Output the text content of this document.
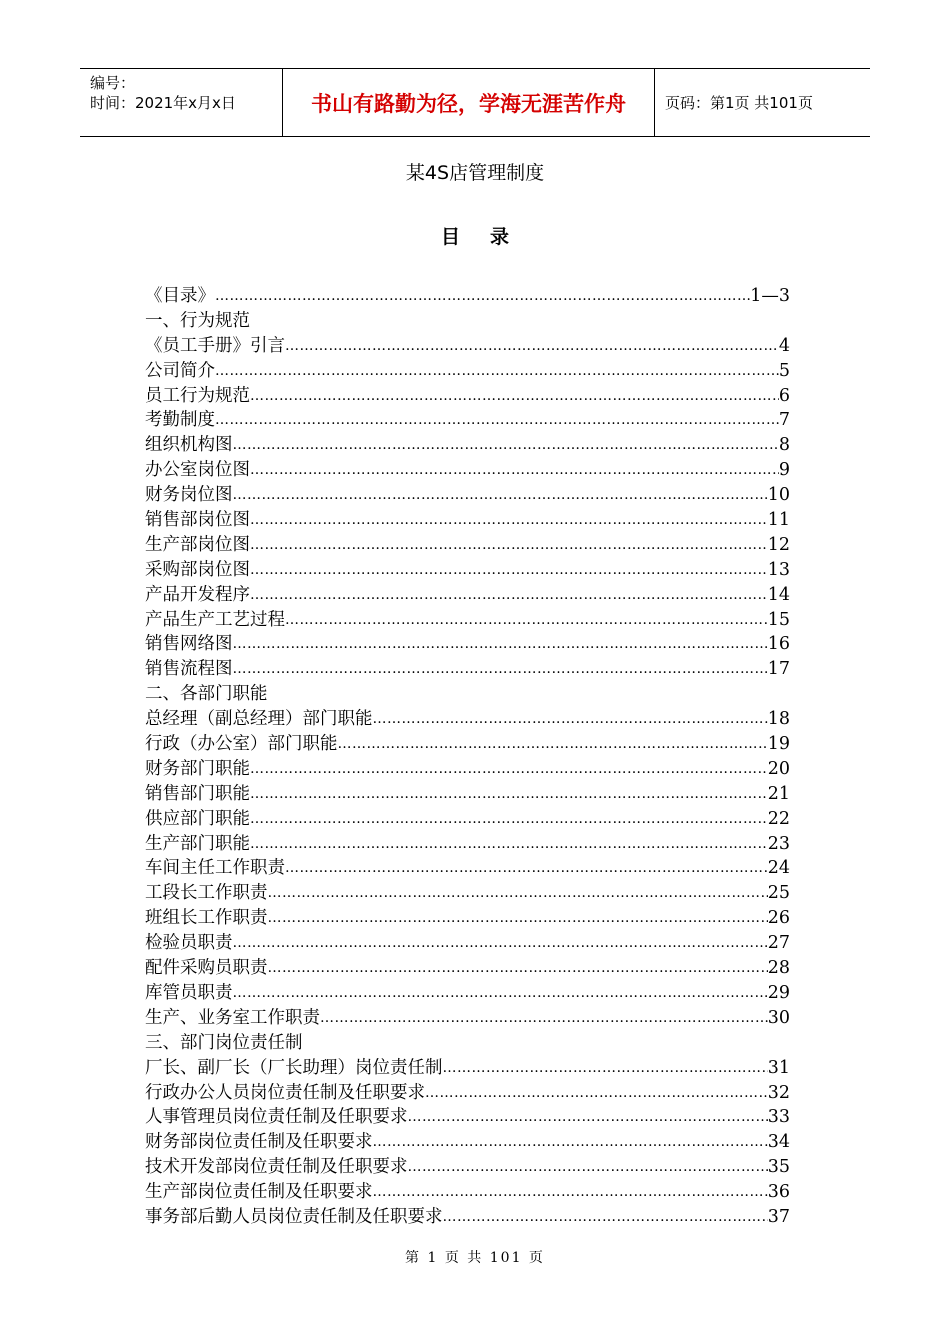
编号：
时间：2021年x月x日	书山有路勤为径，学海无涯苦作舟	页码：第1页 共101页
某4S店管理制度
目录
《目录》 …………………………………………………………………………………………………………………………………………	1—3
一、行为规范
《员工手册》引言 …………………………………………………………………………………………………………………………………………	4
公司简介 …………………………………………………………………………………………………………………………………………	5
员工行为规范 …………………………………………………………………………………………………………………………………………	6
考勤制度 …………………………………………………………………………………………………………………………………………	7
组织机构图 …………………………………………………………………………………………………………………………………………	8
办公室岗位图 …………………………………………………………………………………………………………………………………………	9
财务岗位图 …………………………………………………………………………………………………………………………………………	10
销售部岗位图 …………………………………………………………………………………………………………………………………………	11
生产部岗位图 …………………………………………………………………………………………………………………………………………	12
采购部岗位图 …………………………………………………………………………………………………………………………………………	13
产品开发程序 …………………………………………………………………………………………………………………………………………	14
产品生产工艺过程 …………………………………………………………………………………………………………………………………………	15
销售网络图 …………………………………………………………………………………………………………………………………………	16
销售流程图 …………………………………………………………………………………………………………………………………………	17
二、各部门职能
总经理（副总经理）部门职能 …………………………………………………………………………………………………………………………………………	18
行政（办公室）部门职能 …………………………………………………………………………………………………………………………………………	19
财务部门职能 …………………………………………………………………………………………………………………………………………	20
销售部门职能 …………………………………………………………………………………………………………………………………………	21
供应部门职能 …………………………………………………………………………………………………………………………………………	22
生产部门职能 …………………………………………………………………………………………………………………………………………	23
车间主任工作职责 …………………………………………………………………………………………………………………………………………	24
工段长工作职责 …………………………………………………………………………………………………………………………………………	25
班组长工作职责 …………………………………………………………………………………………………………………………………………	26
检验员职责 …………………………………………………………………………………………………………………………………………	27
配件采购员职责 …………………………………………………………………………………………………………………………………………	28
库管员职责 …………………………………………………………………………………………………………………………………………	29
生产、业务室工作职责 …………………………………………………………………………………………………………………………………………	30
三、部门岗位责任制
厂长、副厂长（厂长助理）岗位责任制 …………………………………………………………………………………………………………………………………………	31
行政办公人员岗位责任制及任职要求 …………………………………………………………………………………………………………………………………………	32
人事管理员岗位责任制及任职要求 …………………………………………………………………………………………………………………………………………	33
财务部岗位责任制及任职要求 …………………………………………………………………………………………………………………………………………	34
技术开发部岗位责任制及任职要求 …………………………………………………………………………………………………………………………………………	35
生产部岗位责任制及任职要求 …………………………………………………………………………………………………………………………………………	36
事务部后勤人员岗位责任制及任职要求 …………………………………………………………………………………………………………………………………………	37
第 1 页 共 101 页
